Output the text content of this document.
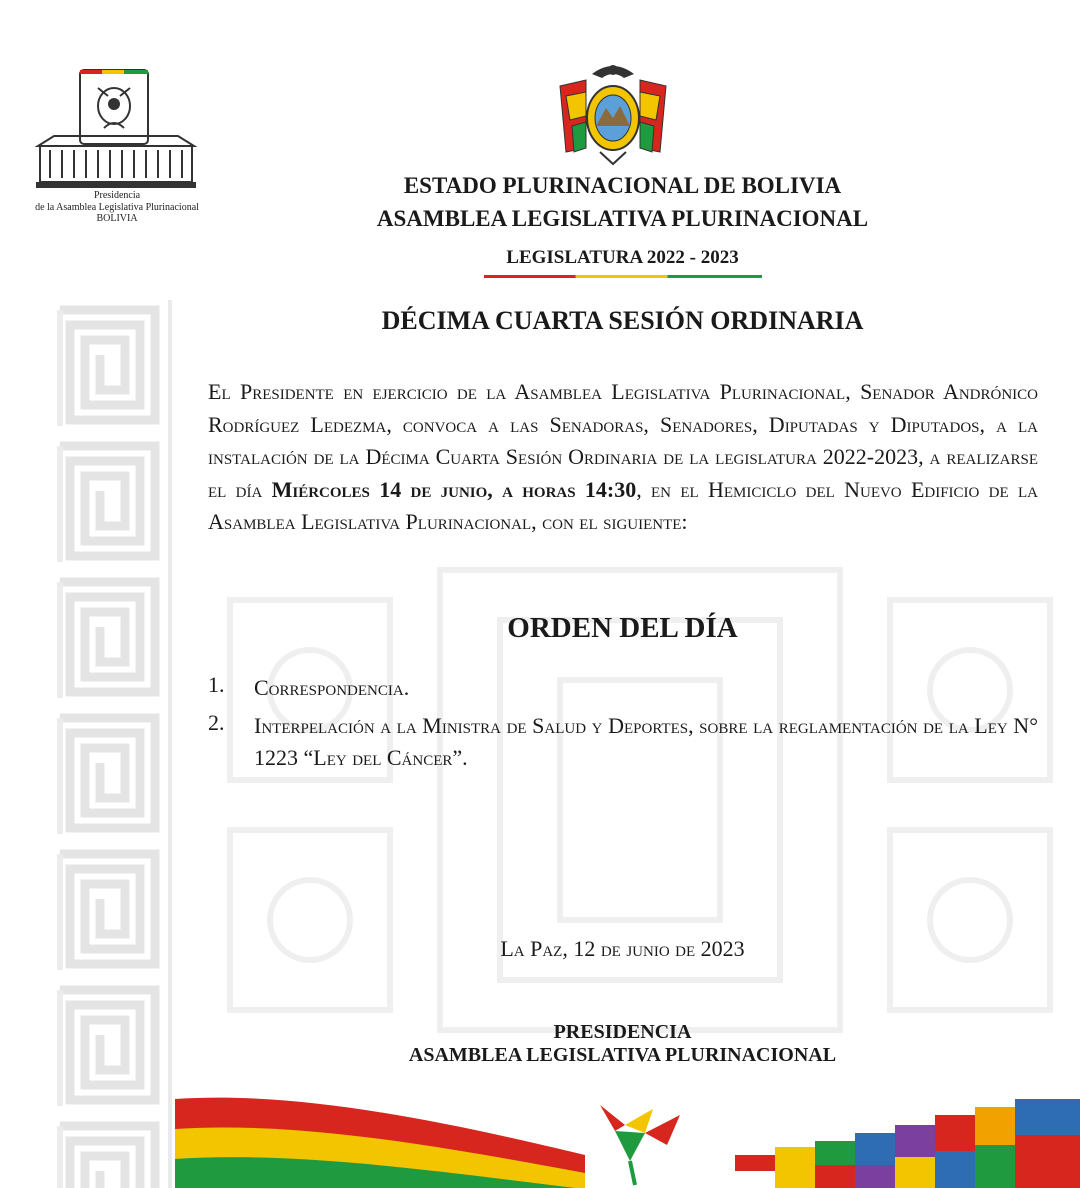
Presidencia
de la Asamblea Legislativa Plurinacional
BOLIVIA
ESTADO PLURINACIONAL DE BOLIVIA
ASAMBLEA LEGISLATIVA PLURINACIONAL
LEGISLATURA 2022 - 2023
DÉCIMA CUARTA SESIÓN ORDINARIA
El Presidente en ejercicio de la Asamblea Legislativa Plurinacional, Senador Andrónico Rodríguez Ledezma, convoca a las Senadoras, Senadores, Diputadas y Diputados, a la instalación de la Décima Cuarta Sesión Ordinaria de la legislatura 2022-2023, a realizarse el día Miércoles 14 de junio, a horas 14:30, en el Hemiciclo del Nuevo Edificio de la Asamblea Legislativa Plurinacional, con el siguiente:
ORDEN DEL DÍA
1.	Correspondencia.
2.	Interpelación a la Ministra de Salud y Deportes, sobre la reglamentación de la Ley N° 1223 “Ley del Cáncer”.
La Paz, 12 de junio de 2023
PRESIDENCIA
ASAMBLEA LEGISLATIVA PLURINACIONAL
